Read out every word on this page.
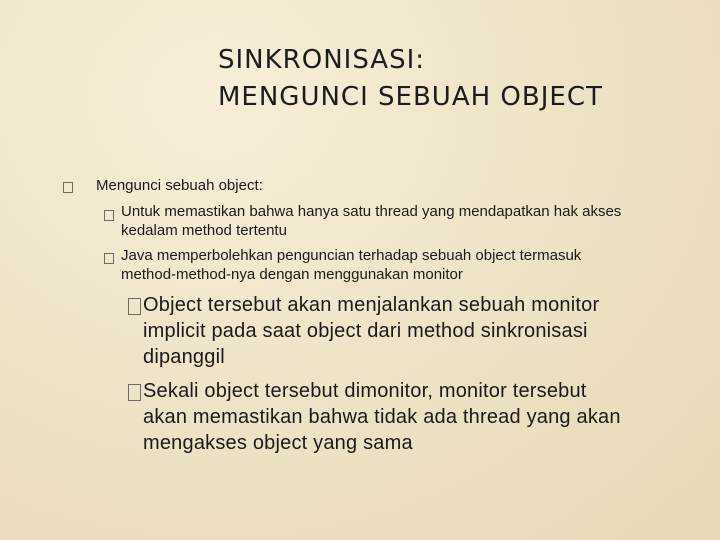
SINKRONISASI:
MENGUNCI SEBUAH OBJECT
Mengunci sebuah object:
Untuk memastikan bahwa hanya satu thread yang mendapatkan hak akses
kedalam method tertentu
Java memperbolehkan penguncian terhadap sebuah object termasuk
method-method-nya dengan menggunakan monitor
Object tersebut akan menjalankan sebuah monitor
implicit pada saat object dari method sinkronisasi
dipanggil
Sekali object tersebut dimonitor, monitor tersebut
akan memastikan bahwa tidak ada thread yang akan
mengakses object yang sama
